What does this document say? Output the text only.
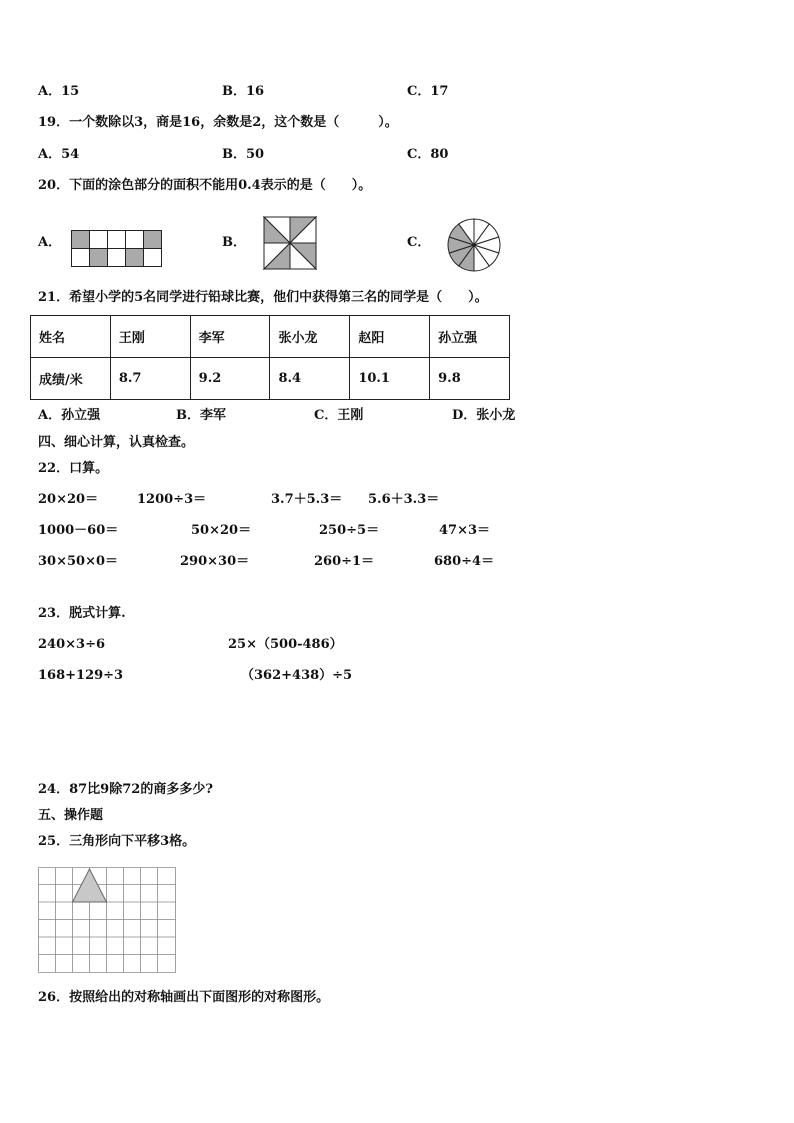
A．15	B．16	C．17
19．一个数除以3，商是16，余数是2，这个数是（　　　）。
A．54	B．50	C．80
20．下面的涂色部分的面积不能用0.4表示的是（　　）。
A．	B．	C．
21．希望小学的5名同学进行铅球比赛，他们中获得第三名的同学是（　　）。
姓名	王刚	李军	张小龙	赵阳	孙立强
成绩/米	8.7	9.2	8.4	10.1	9.8
A．孙立强	B．李军	C．王刚	D．张小龙
四、细心计算，认真检查。
22．口算。
20×20＝	1200÷3＝	3.7＋5.3＝ 5.6＋3.3＝
1000－60＝	50×20＝	250÷5＝	47×3＝
30×50×0＝	290×30＝	260÷1＝	680÷4＝
23．脱式计算.
240×3÷6	25×（500-486）
168+129÷3	（362+438）÷5
24．87比9除72的商多多少?
五、操作题
25．三角形向下平移3格。
26．按照给出的对称轴画出下面图形的对称图形。
